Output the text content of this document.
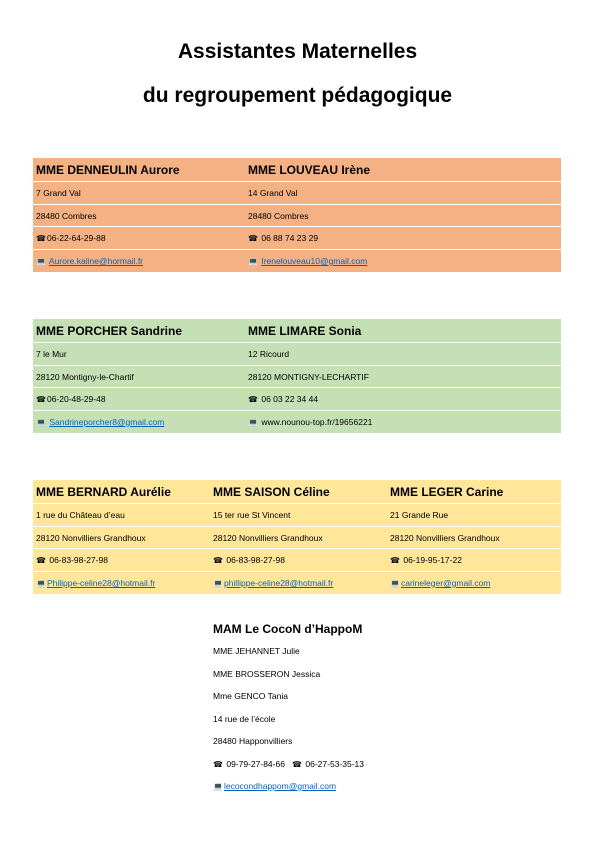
Assistantes Maternelles
du regroupement pédagogique
MME DENNEULIN Aurore	MME LOUVEAU Irène
7 Grand Val	14 Grand Val
28480 Combres	28480 Combres
☎06-22-64-29-88	☎ 06 88 74 23 29
💻 Aurore.kaline@hormail.fr	💻 Irenelouveau10@gmail.com
MME PORCHER Sandrine	MME LIMARE Sonia
7 le Mur	12 Ricourd
28120 Montigny-le-Chartif	28120 MONTIGNY-LECHARTIF
☎06-20-48-29-48	☎ 06 03 22 34 44
💻 Sandrineporcher8@gmail.com	💻 www.nounou-top.fr/19656221
MME BERNARD Aurélie	MME SAISON Céline	MME LEGER Carine
1 rue du Château d’eau	15 ter rue St Vincent	21 Grande Rue
28120 Nonvilliers Grandhoux	28120 Nonvilliers Grandhoux	28120 Nonvilliers Grandhoux
☎ 06-83-98-27-98	☎ 06-83-98-27-98	☎ 06-19-95-17-22
💻Philippe-celine28@hotmail.fr	💻phillippe-celine28@hotmail.fr	💻carineleger@gmail.com
MAM Le CocoN d’HappoM
MME JEHANNET Julie
MME BROSSERON Jessica
Mme GENCO Tania
14 rue de l’école
28480 Happonvilliers
☎ 09-79-27-84-66 ☎ 06-27-53-35-13
💻lecocondhappom@gmail.com
